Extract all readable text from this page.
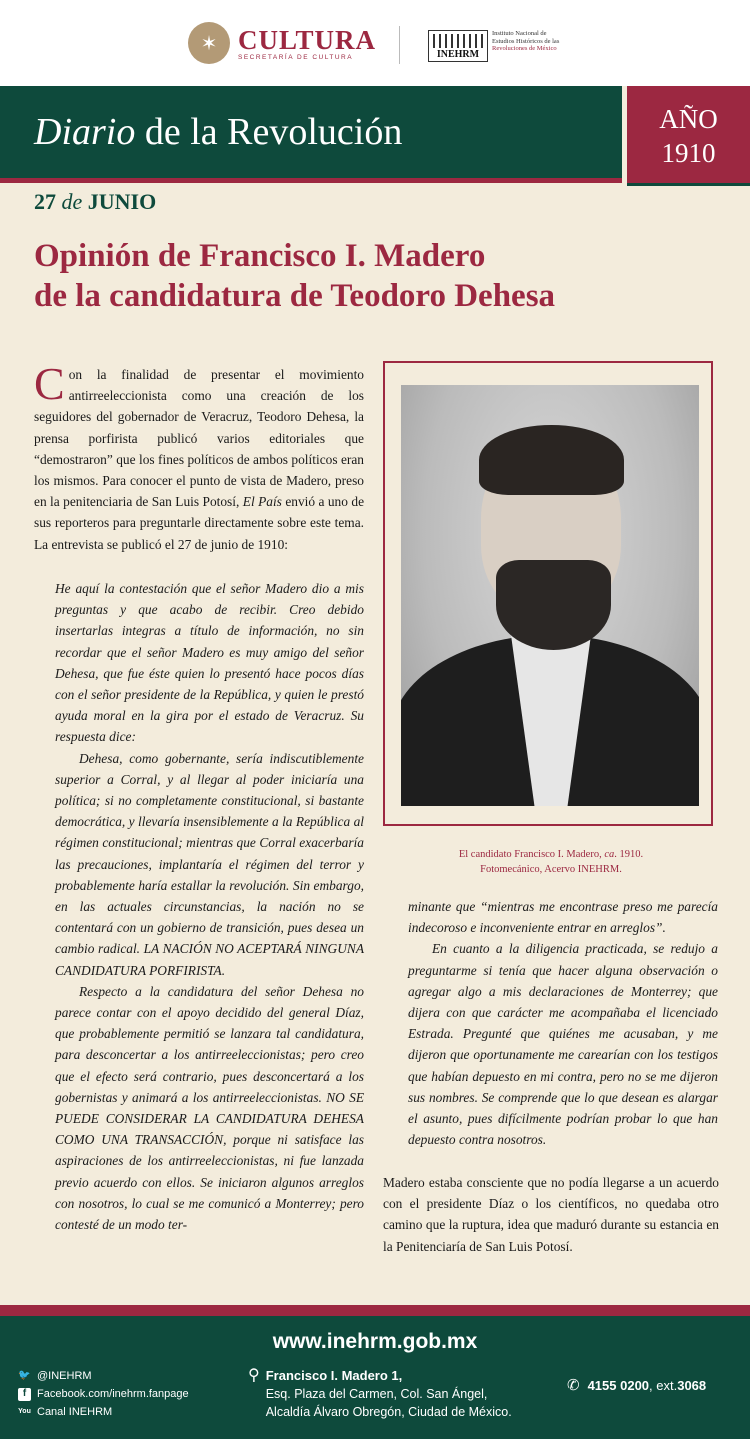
✶ CULTURA
SECRETARÍA DE CULTURA	INEHRM
Instituto Nacional de
Estudios Históricos de las
Revoluciones de México
Diario de la Revolución	AÑO
1910
27 de JUNIO
Opinión de Francisco I. Madero
de la candidatura de Teodoro Dehesa
Con la finalidad de presentar el movimiento antirreeleccionista como una creación de los seguidores del gobernador de Veracruz, Teodoro Dehesa, la prensa porfirista publicó varios editoriales que “demostraron” que los fines políticos de ambos políticos eran los mismos. Para conocer el punto de vista de Madero, preso en la penitenciaria de San Luis Potosí, El País envió a uno de sus reporteros para preguntarle directamente sobre este tema. La entrevista se publicó el 27 de junio de 1910:

He aquí la contestación que el señor Madero dio a mis preguntas y que acabo de recibir. Creo debido insertarlas integras a título de información, no sin recordar que el señor Madero es muy amigo del señor Dehesa, que fue éste quien lo presentó hace pocos días con el señor presidente de la República, y quien le prestó ayuda moral en la gira por el estado de Veracruz. Su respuesta dice:

Dehesa, como gobernante, sería indiscutiblemente superior a Corral, y al llegar al poder iniciaría una política; si no completamente constitucional, si bastante democrática, y llevaría insensiblemente a la República al régimen constitucional; mientras que Corral exacerbaría las precauciones, implantaría el régimen del terror y probablemente haría estallar la revolución. Sin embargo, en las actuales circunstancias, la nación no se contentará con un gobierno de transición, pues desea un cambio radical. LA NACIÓN NO ACEPTARÁ NINGUNA CANDIDATURA PORFIRISTA.

Respecto a la candidatura del señor Dehesa no parece contar con el apoyo decidido del general Díaz, que probablemente permitió se lanzara tal candidatura, para desconcertar a los antirreeleccionistas; pero creo que el efecto será contrario, pues desconcertará a los gobernistas y animará a los antirreeleccionistas. NO SE PUEDE CONSIDERAR LA CANDIDATURA DEHESA COMO UNA TRANSACCIÓN, porque ni satisface las aspiraciones de los antirreeleccionistas, ni fue lanzada previo acuerdo con ellos. Se iniciaron algunos arreglos con nosotros, lo cual se me comunicó a Monterrey; pero contesté de un modo ter-

El candidato Francisco I. Madero, ca. 1910.
Fotomecánico, Acervo INEHRM.

minante que “mientras me encontrase preso me parecía indecoroso e inconveniente entrar en arreglos”.

En cuanto a la diligencia practicada, se redujo a preguntarme si tenía que hacer alguna observación o agregar algo a mis declaraciones de Monterrey; que dijera con que carácter me acompañaba el licenciado Estrada. Pregunté que quiénes me acusaban, y me dijeron que oportunamente me carearían con los testigos que habían depuesto en mi contra, pero no se me dijeron sus nombres. Se comprende que lo que desean es alargar el asunto, pues difícilmente podrían probar lo que han depuesto contra nosotros.

Madero estaba consciente que no podía llegarse a un acuerdo con el presidente Díaz o los científicos, no quedaba otro camino que la ruptura, idea que maduró durante su estancia en la Penitenciaría de San Luis Potosí.
www.inehrm.gob.mx
🐦 @INEHRM
f Facebook.com/inehrm.fanpage
You Canal INEHRM
⚲ Francisco I. Madero 1,
Esq. Plaza del Carmen, Col. San Ángel,
Alcaldía Álvaro Obregón, Ciudad de México.
✆ 4155 0200 , ext. 3068
